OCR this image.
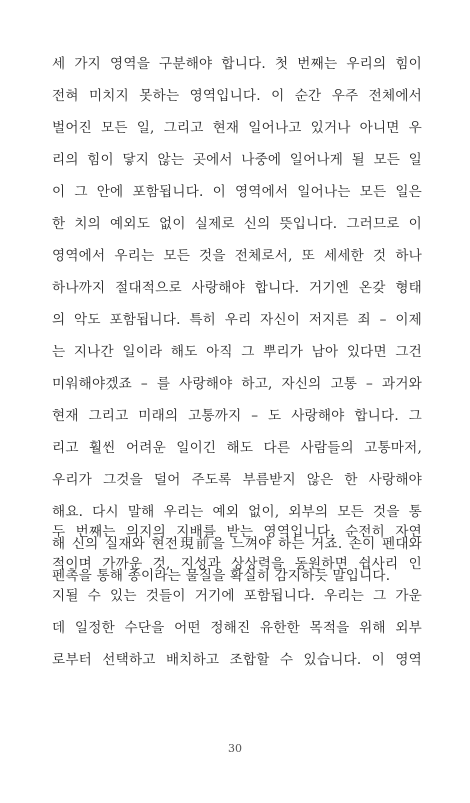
세 가지 영역을 구분해야 합니다. 첫 번째는 우리의 힘이
전혀 미치지 못하는 영역입니다. 이 순간 우주 전체에서
벌어진 모든 일, 그리고 현재 일어나고 있거나 아니면 우
리의 힘이 닿지 않는 곳에서 나중에 일어나게 될 모든 일
이 그 안에 포함됩니다. 이 영역에서 일어나는 모든 일은
한 치의 예외도 없이 실제로 신의 뜻입니다. 그러므로 이
영역에서 우리는 모든 것을 전체로서, 또 세세한 것 하나
하나까지 절대적으로 사랑해야 합니다. 거기엔 온갖 형태
의 악도 포함됩니다. 특히 우리 자신이 저지른 죄 – 이제
는 지나간 일이라 해도 아직 그 뿌리가 남아 있다면 그건
미워해야겠죠 – 를 사랑해야 하고, 자신의 고통 – 과거와
현재 그리고 미래의 고통까지 – 도 사랑해야 합니다. 그
리고 훨씬 어려운 일이긴 해도 다른 사람들의 고통마저,
우리가 그것을 덜어 주도록 부름받지 않은 한 사랑해야
해요. 다시 말해 우리는 예외 없이, 외부의 모든 것을 통
해 신의 실재와 현전現前을 느껴야 하는 거죠. 손이 펜대와
펜촉을 통해 종이라는 물질을 확실히 감지하듯 말입니다.
두 번째는 의지의 지배를 받는 영역입니다. 순전히 자연
적이며 가까운 것, 지성과 상상력을 동원하면 쉽사리 인
지될 수 있는 것들이 거기에 포함됩니다. 우리는 그 가운
데 일정한 수단을 어떤 정해진 유한한 목적을 위해 외부
로부터 선택하고 배치하고 조합할 수 있습니다. 이 영역
30
